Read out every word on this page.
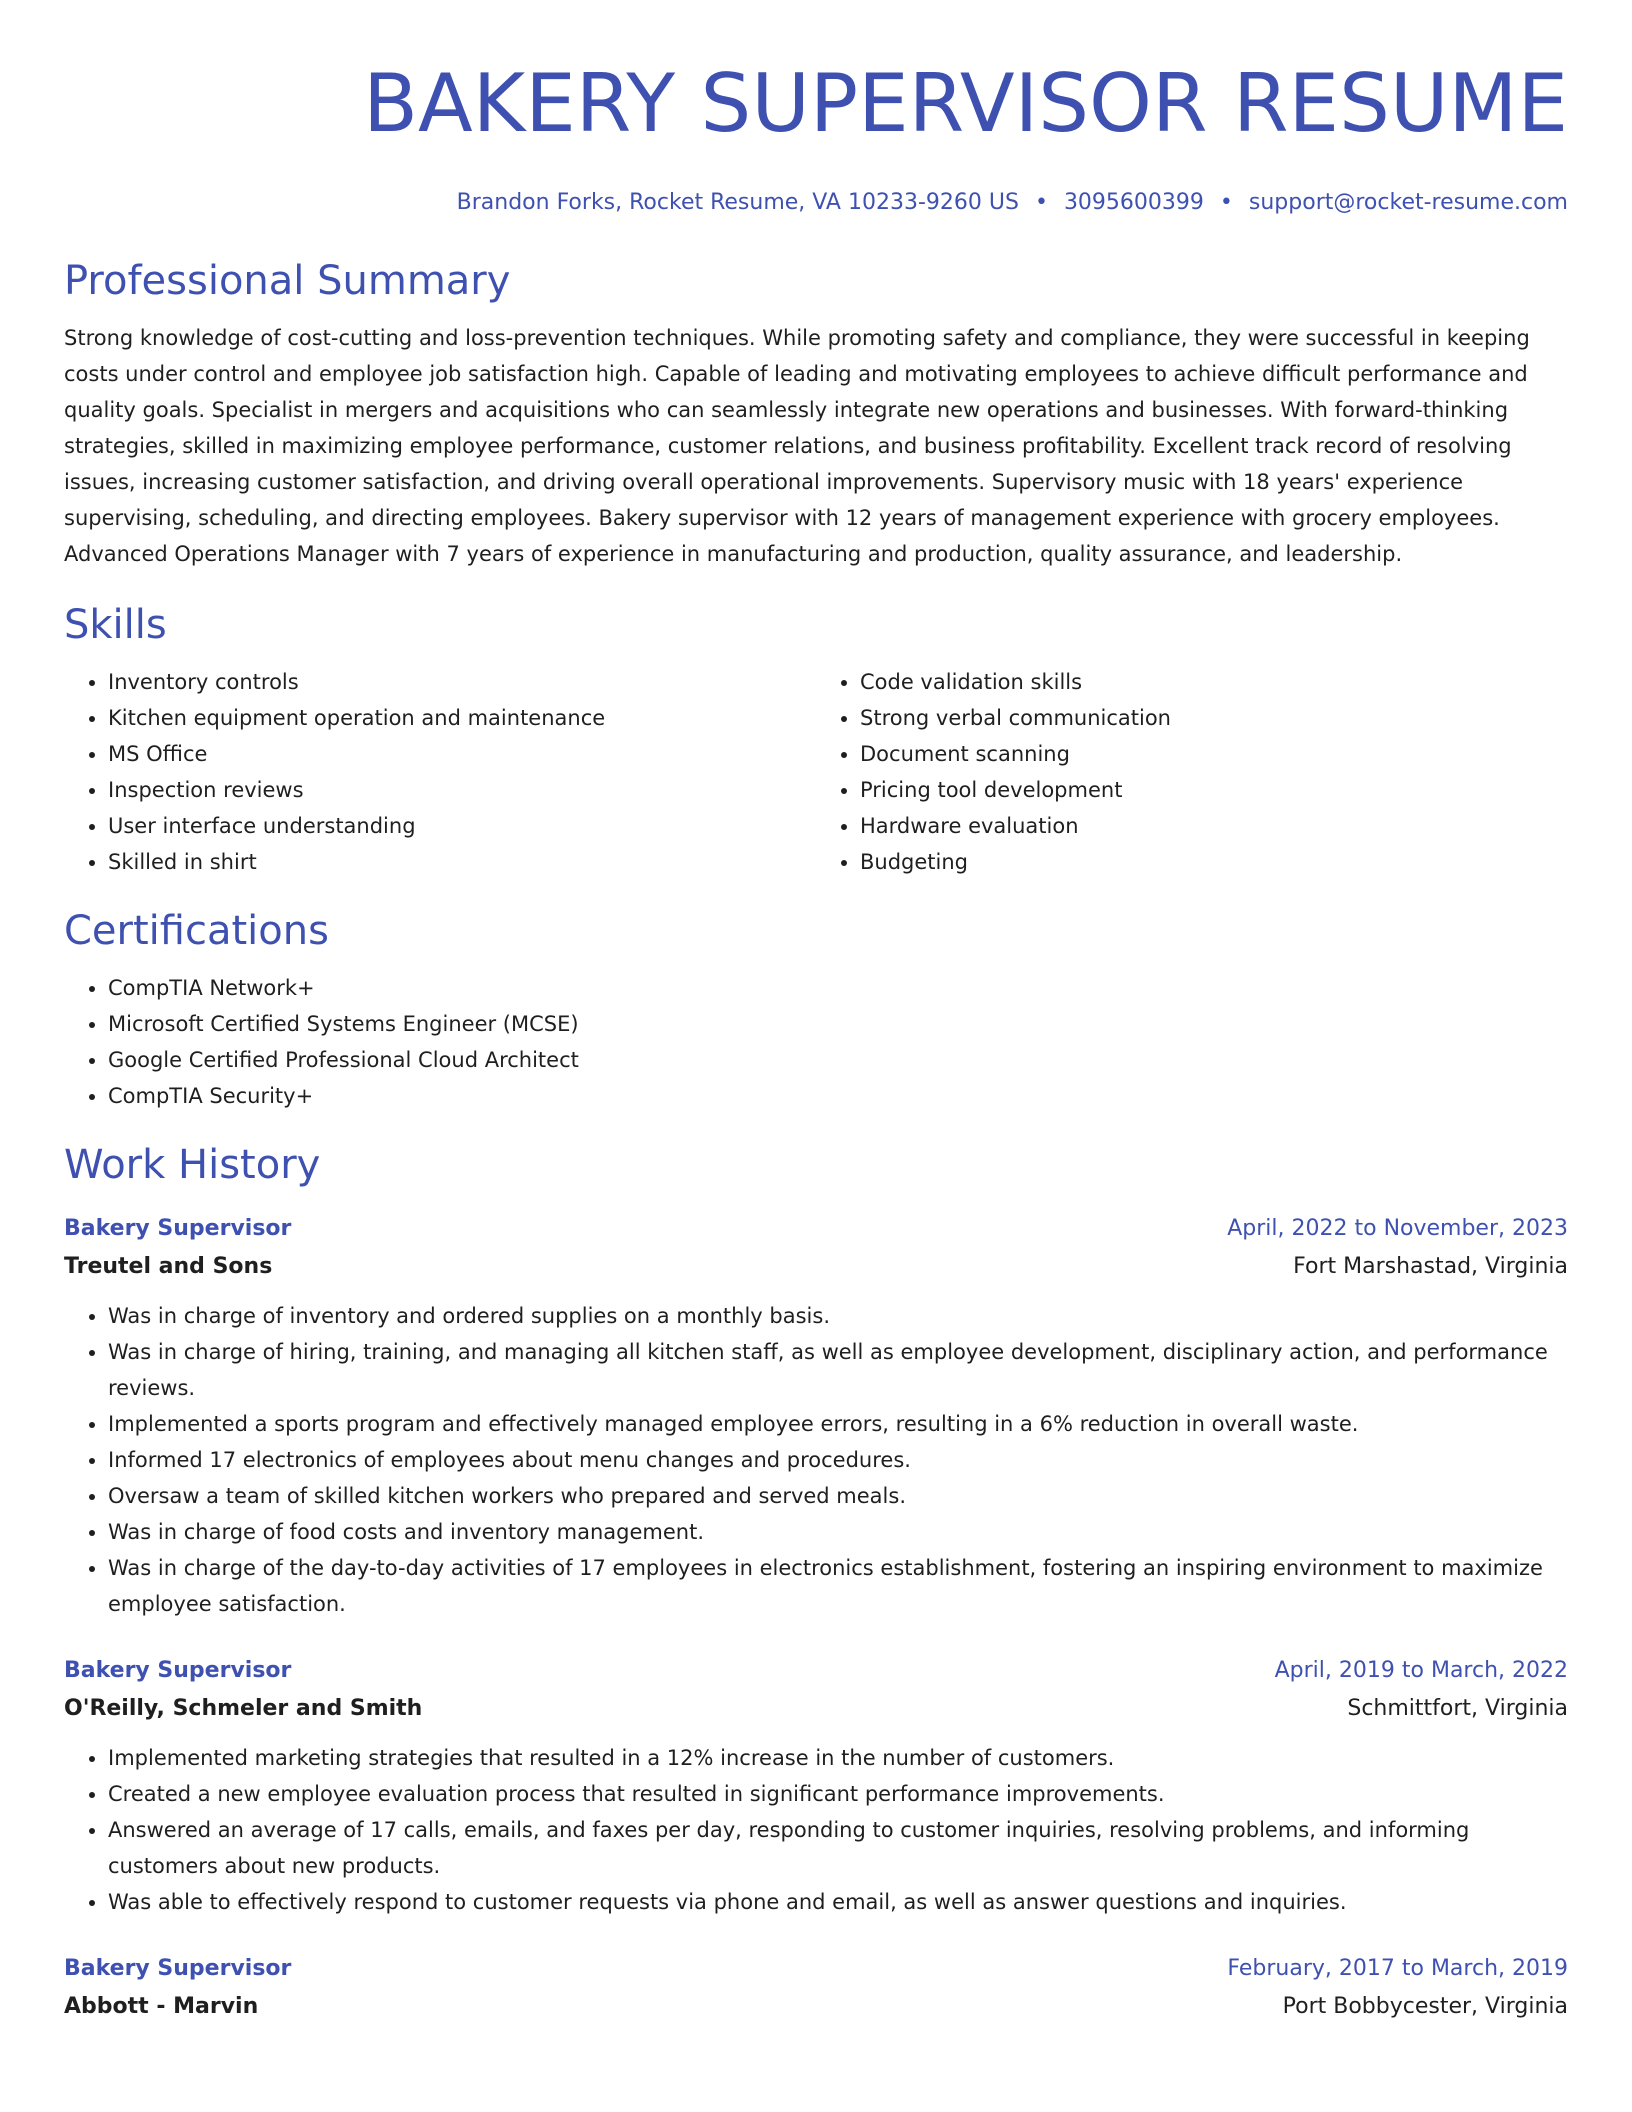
BAKERY SUPERVISOR RESUME
Brandon Forks, Rocket Resume, VA 10233-9260 US • 3095600399 • support@rocket-resume.com
Professional Summary
Strong knowledge of cost-cutting and loss-prevention techniques. While promoting safety and compliance, they were successful in keeping costs under control and employee job satisfaction high. Capable of leading and motivating employees to achieve difficult performance and quality goals. Specialist in mergers and acquisitions who can seamlessly integrate new operations and businesses. With forward-thinking strategies, skilled in maximizing employee performance, customer relations, and business profitability. Excellent track record of resolving issues, increasing customer satisfaction, and driving overall operational improvements. Supervisory music with 18 years' experience supervising, scheduling, and directing employees. Bakery supervisor with 12 years of management experience with grocery employees. Advanced Operations Manager with 7 years of experience in manufacturing and production, quality assurance, and leadership.
Skills
• Inventory controls
• Kitchen equipment operation and maintenance
• MS Office
• Inspection reviews
• User interface understanding
• Skilled in shirt
• Code validation skills
• Strong verbal communication
• Document scanning
• Pricing tool development
• Hardware evaluation
• Budgeting
Certifications
• CompTIA Network+
• Microsoft Certified Systems Engineer (MCSE)
• Google Certified Professional Cloud Architect
• CompTIA Security+
Work History
Bakery Supervisor	April, 2022 to November, 2023
Treutel and Sons	Fort Marshastad, Virginia
• Was in charge of inventory and ordered supplies on a monthly basis.
• Was in charge of hiring, training, and managing all kitchen staff, as well as employee development, disciplinary action, and performance reviews.
• Implemented a sports program and effectively managed employee errors, resulting in a 6% reduction in overall waste.
• Informed 17 electronics of employees about menu changes and procedures.
• Oversaw a team of skilled kitchen workers who prepared and served meals.
• Was in charge of food costs and inventory management.
• Was in charge of the day-to-day activities of 17 employees in electronics establishment, fostering an inspiring environment to maximize employee satisfaction.
Bakery Supervisor	April, 2019 to March, 2022
O'Reilly, Schmeler and Smith	Schmittfort, Virginia
• Implemented marketing strategies that resulted in a 12% increase in the number of customers.
• Created a new employee evaluation process that resulted in significant performance improvements.
• Answered an average of 17 calls, emails, and faxes per day, responding to customer inquiries, resolving problems, and informing customers about new products.
• Was able to effectively respond to customer requests via phone and email, as well as answer questions and inquiries.
Bakery Supervisor	February, 2017 to March, 2019
Abbott - Marvin	Port Bobbycester, Virginia
